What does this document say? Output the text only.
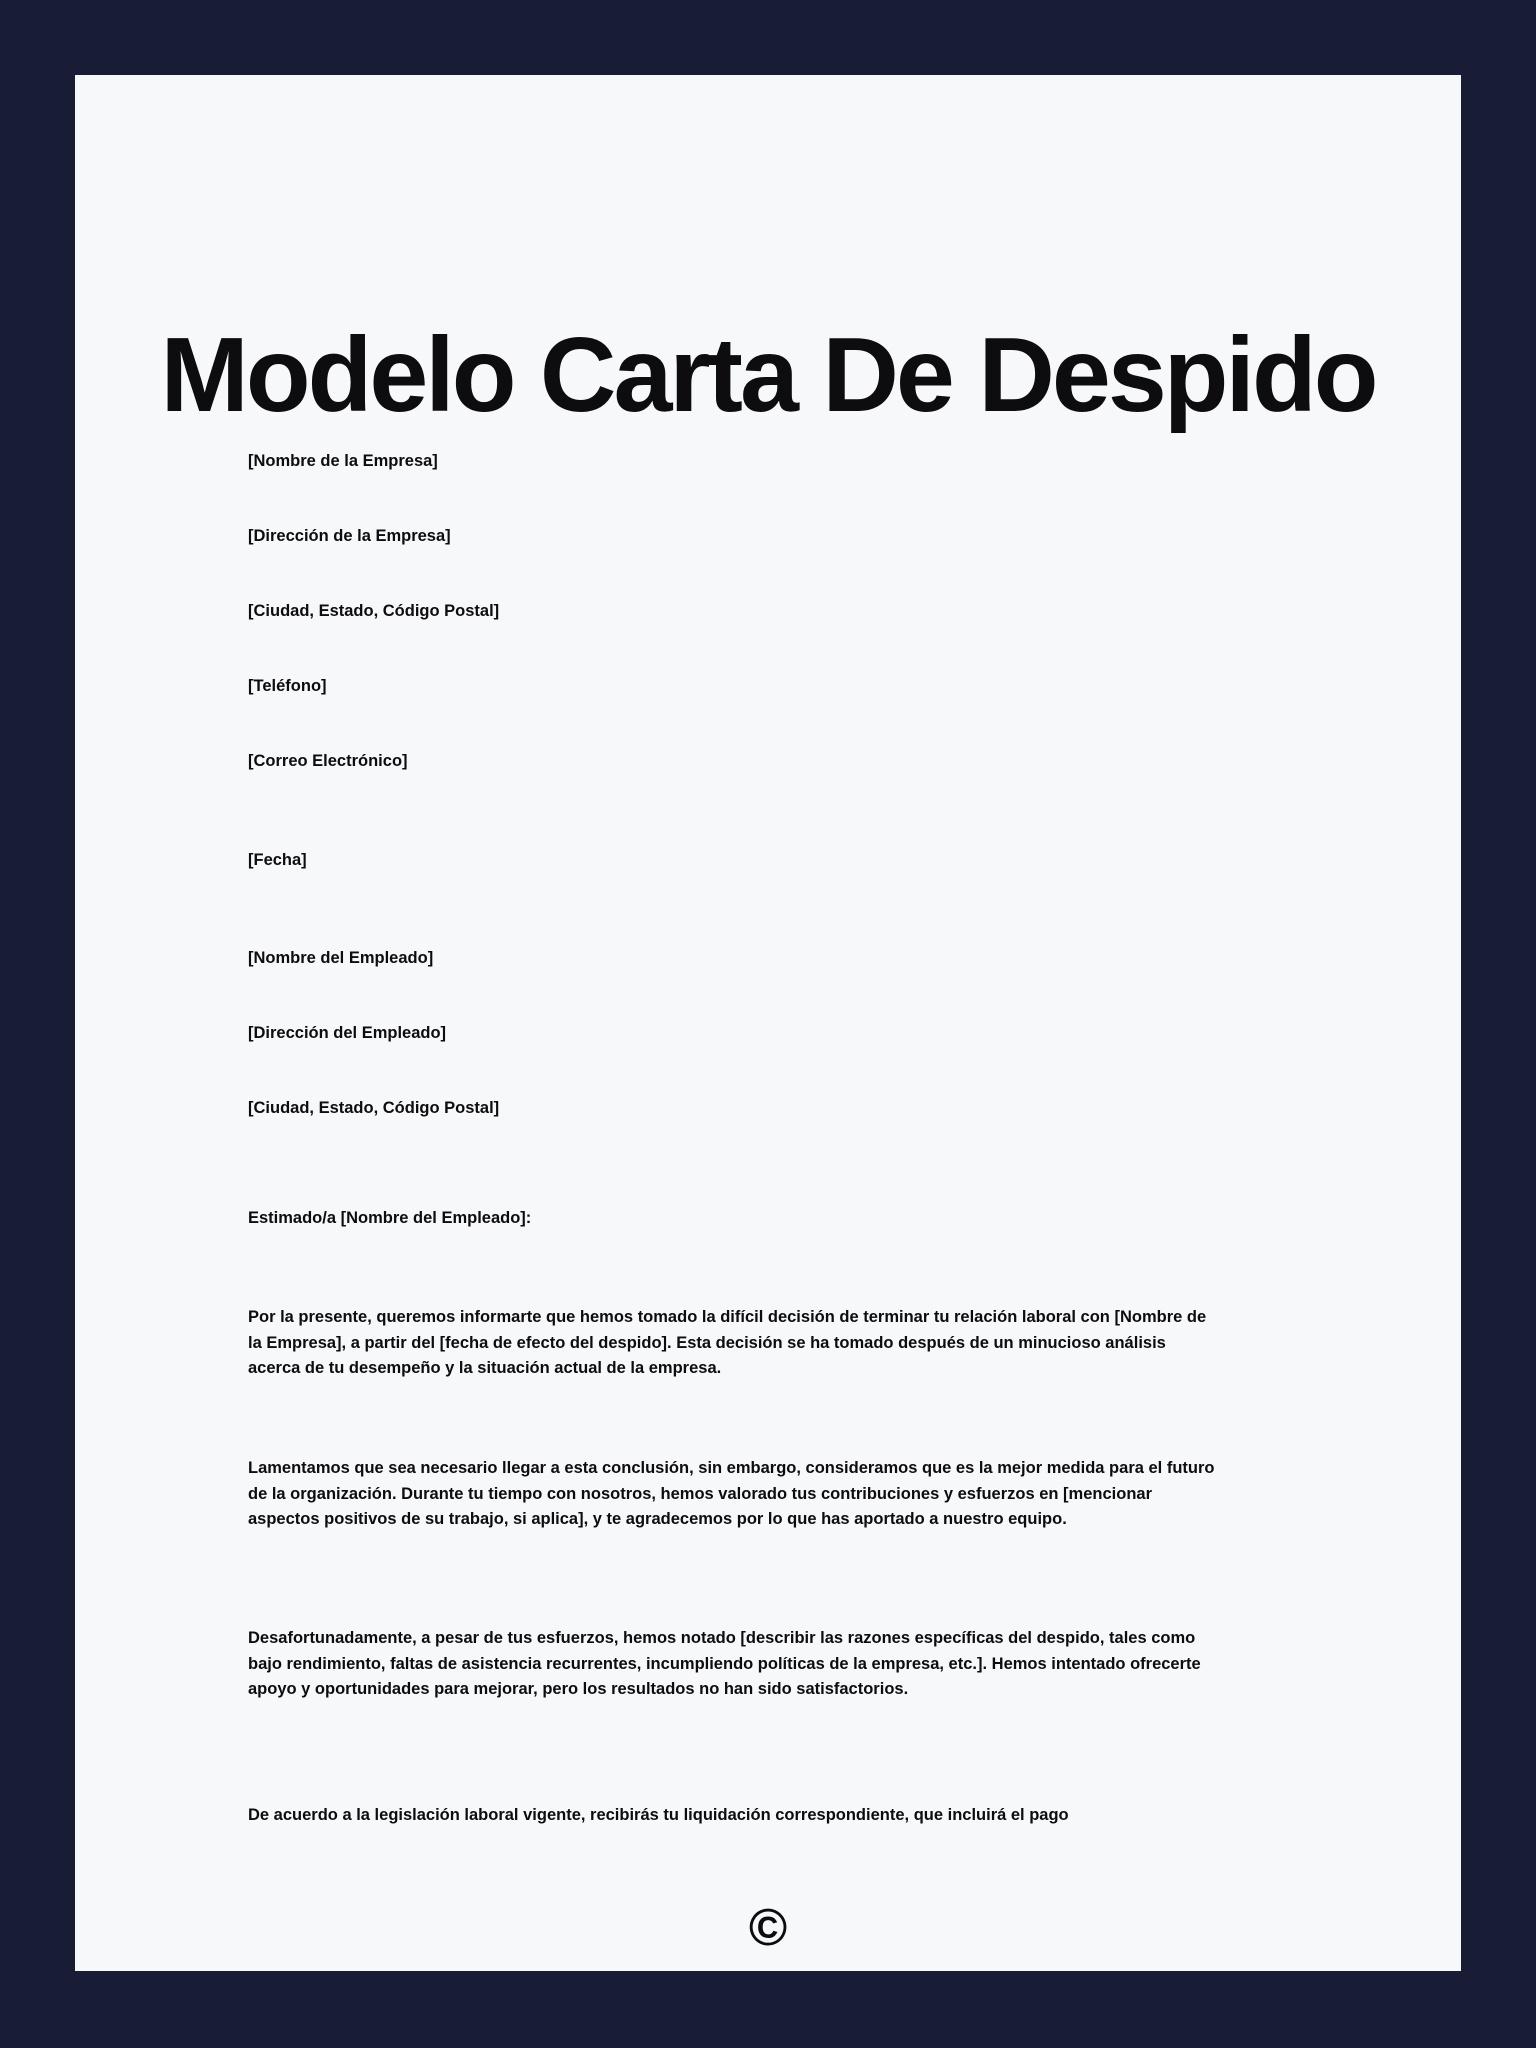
Modelo Carta De Despido
[Nombre de la Empresa]
[Dirección de la Empresa]
[Ciudad, Estado, Código Postal]
[Teléfono]
[Correo Electrónico]
[Fecha]
[Nombre del Empleado]
[Dirección del Empleado]
[Ciudad, Estado, Código Postal]
Estimado/a [Nombre del Empleado]:
Por la presente, queremos informarte que hemos tomado la difícil decisión de terminar tu relación laboral con [Nombre de la Empresa], a partir del [fecha de efecto del despido]. Esta decisión se ha tomado después de un minucioso análisis acerca de tu desempeño y la situación actual de la empresa.
Lamentamos que sea necesario llegar a esta conclusión, sin embargo, consideramos que es la mejor medida para el futuro de la organización. Durante tu tiempo con nosotros, hemos valorado tus contribuciones y esfuerzos en [mencionar aspectos positivos de su trabajo, si aplica], y te agradecemos por lo que has aportado a nuestro equipo.
Desafortunadamente, a pesar de tus esfuerzos, hemos notado [describir las razones específicas del despido, tales como bajo rendimiento, faltas de asistencia recurrentes, incumpliendo políticas de la empresa, etc.]. Hemos intentado ofrecerte apoyo y oportunidades para mejorar, pero los resultados no han sido satisfactorios.
De acuerdo a la legislación laboral vigente, recibirás tu liquidación correspondiente, que incluirá el pago
©
